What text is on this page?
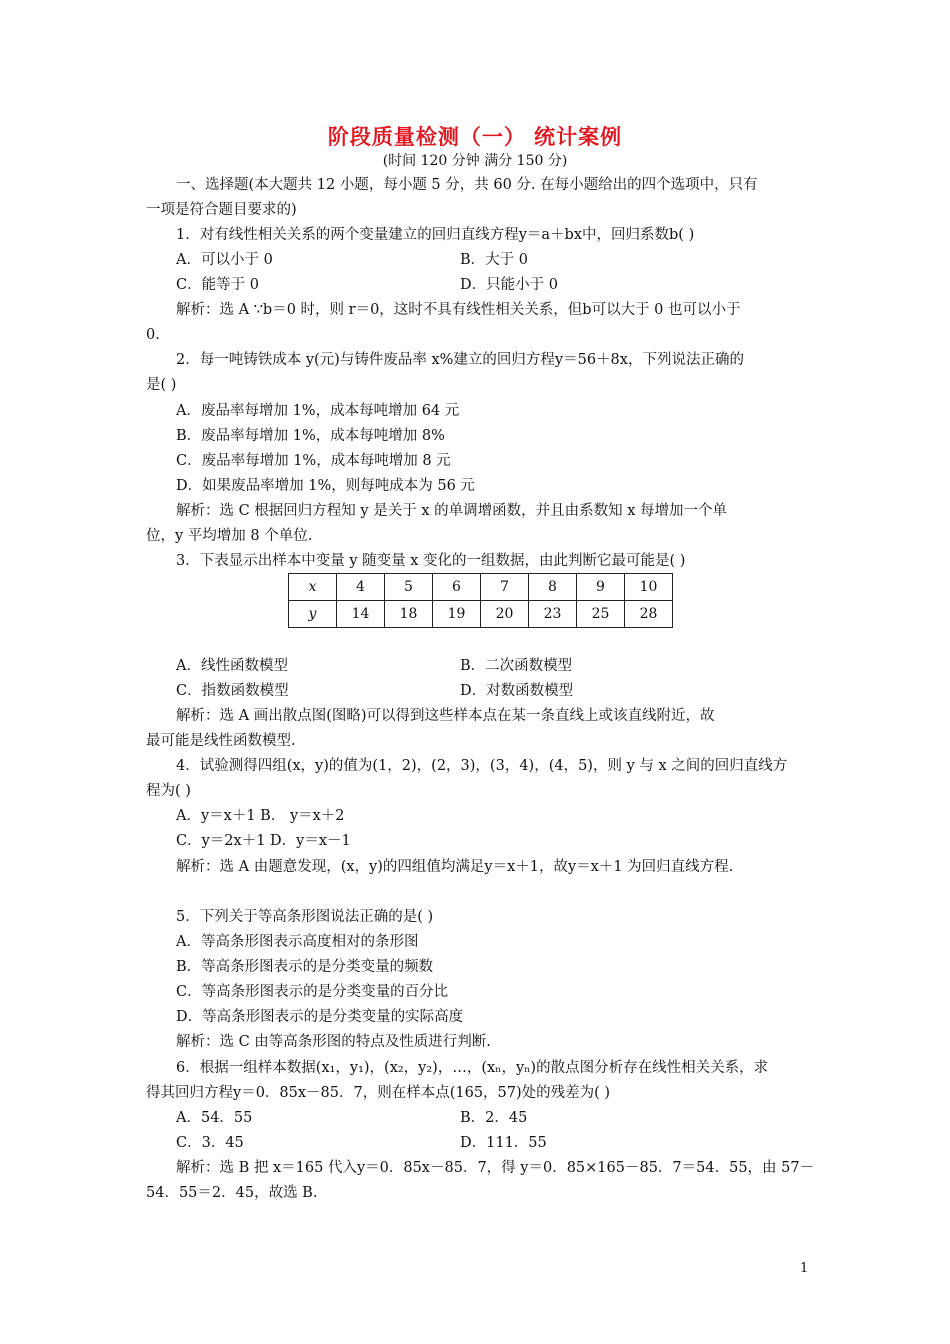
阶段质量检测（一） 统计案例
(时间 120 分钟 满分 150 分)
一、选择题(本大题共 12 小题，每小题 5 分，共 60 分. 在每小题给出的四个选项中，只有
一项是符合题目要求的)
1．对有线性相关关系的两个变量建立的回归直线方程y＝a＋bx中，回归系数b( )
A．可以小于 0	B．大于 0
C．能等于 0	D．只能小于 0
解析：选 A ∵b＝0 时，则 r＝0，这时不具有线性相关关系，但b可以大于 0 也可以小于
0.
2．每一吨铸铁成本 y(元)与铸件废品率 x%建立的回归方程y＝56＋8x，下列说法正确的
是( )
A．废品率每增加 1%，成本每吨增加 64 元
B．废品率每增加 1%，成本每吨增加 8%
C．废品率每增加 1%，成本每吨增加 8 元
D．如果废品率增加 1%，则每吨成本为 56 元
解析：选 C 根据回归方程知 y 是关于 x 的单调增函数，并且由系数知 x 每增加一个单
位，y 平均增加 8 个单位.
3．下表显示出样本中变量 y 随变量 x 变化的一组数据，由此判断它最可能是( )
x	4	5	6	7	8	9	10
y	14	18	19	20	23	25	28
A．线性函数模型	B．二次函数模型
C．指数函数模型	D．对数函数模型
解析：选 A 画出散点图(图略)可以得到这些样本点在某一条直线上或该直线附近，故
最可能是线性函数模型.
4．试验测得四组(x，y)的值为(1，2)，(2，3)，(3，4)，(4，5)，则 y 与 x 之间的回归直线方
程为( )
A．y＝x＋1 B． y＝x＋2
C．y＝2x＋1 D．y＝x－1
解析：选 A 由题意发现，(x，y)的四组值均满足y＝x＋1，故y＝x＋1 为回归直线方程.
5．下列关于等高条形图说法正确的是( )
A．等高条形图表示高度相对的条形图
B．等高条形图表示的是分类变量的频数
C．等高条形图表示的是分类变量的百分比
D．等高条形图表示的是分类变量的实际高度
解析：选 C 由等高条形图的特点及性质进行判断.
6．根据一组样本数据(x₁，y₁)，(x₂，y₂)，…，(xₙ，yₙ)的散点图分析存在线性相关关系，求
得其回归方程y＝0．85x－85．7，则在样本点(165，57)处的残差为( )
A．54．55	B．2．45
C．3．45	D．111．55
解析：选 B 把 x＝165 代入y＝0．85x－85．7，得 y＝0．85×165－85．7＝54．55，由 57－
54．55＝2．45，故选 B.
1
